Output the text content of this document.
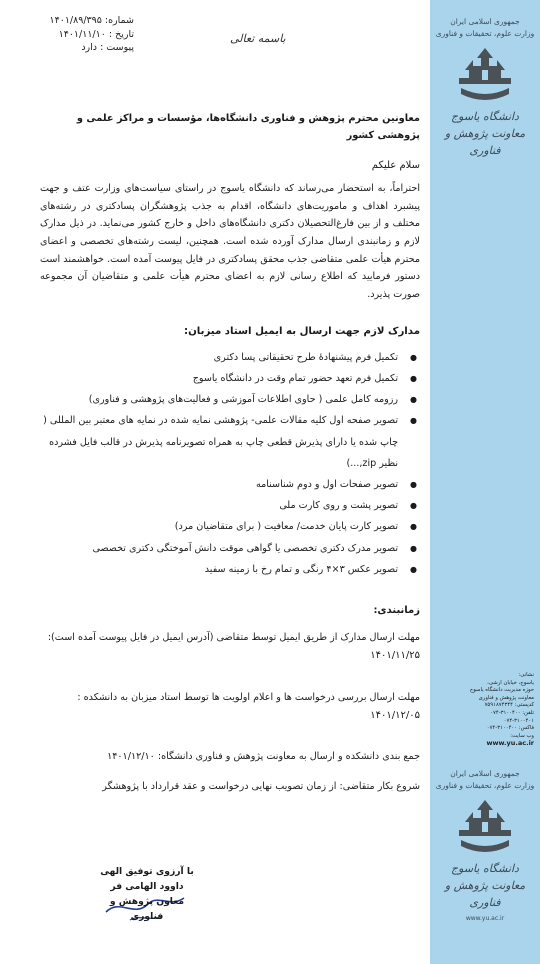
جمهوری اسلامی ایران
وزارت علوم، تحقیقات و فناوری
دانشگاه یاسوج
معاونت پژوهش و
فناوری
نشانی:
یاسوج، خیابان ارشی،
حوزه مدیریت دانشگاه یاسوج
معاونت پژوهش و فناوری
کدپستی: ۷۵۹۱۸۷۴۳۴۴
تلفن: ۳۱۰۰۴۰۰-۰۷۴
۰۷۴-۳۱۰۰۴۰۱
فاکس: ۳۱۰۰۴۰۰-۰۷۴
وب سایت:
www.yu.ac.ir
جمهوری اسلامی ایران
وزارت علوم، تحقیقات و فناوری
دانشگاه یاسوج
معاونت پژوهش و
فناوری
www.yu.ac.ir
شماره: ۱۴۰۱/۸۹/۳۹۵
تاریخ : ۱۴۰۱/۱۱/۱۰
پیوست : دارد
باسمه تعالی

معاونین محترم پژوهش و فناوری دانشگاه‌ها، مؤسسات و مراکز علمی و پژوهشی کشور

سلام علیکم

احتراماً، به استحضار می‌رساند که دانشگاه یاسوج در راستای سیاست‌های وزارت عتف و جهت پیشبرد اهداف و ماموریت‌های دانشگاه، اقدام به جذب پژوهشگران پسادکتری در رشته‌های مختلف و از بین فارغ‌التحصیلان دکتری دانشگاه‌های داخل و خارج کشور می‌نماید. در ذیل مدارک لازم و زمانبندی ارسال مدارک آورده شده است. همچنین، لیست رشته‌های تخصصی و اعضای محترم هیأت علمی متقاضی جذب محقق پسادکتری در فایل پیوست آمده است. خواهشمند است دستور فرمایید که اطلاع رسانی لازم به اعضای محترم هیأت علمی و متقاضیان آن مجموعه صورت پذیرد.

مدارک لازم جهت ارسال به ایمیل استاد میزبان:

● تکمیل فرم پیشنهادهٔ طرح تحقیقاتی پسا دکتری
● تکمیل فرم تعهد حضور تمام وقت در دانشگاه یاسوج
● رزومه کامل علمی ( حاوی اطلاعات آموزشی و فعالیت‌های پژوهشی و فناوری)
● تصویر صفحه اول کلیه مقالات علمی- پژوهشی نمایه شده در نمایه های معتبر بین المللی ( چاپ شده یا دارای پذیرش قطعی چاپ به همراه تصویرنامه پذیرش در قالب فایل فشرده نظیر zip,...)
● تصویر صفحات اول و دوم شناسنامه
● تصویر پشت و روی کارت ملی
● تصویر کارت پایان خدمت/ معافیت ( برای متقاضیان مرد)
● تصویر مدرک دکتری تخصصی یا گواهی موقت دانش آموختگی دکتری تخصصی
● تصویر عکس ۳×۴ رنگی و تمام رخ با زمینه سفید

زمانبندی:

مهلت ارسال مدارک از طریق ایمیل توسط متقاضی (آدرس ایمیل در فایل پیوست آمده است):
۱۴۰۱/۱۱/۲۵
مهلت ارسال بررسی درخواست ها و اعلام اولویت ها توسط استاد میزبان به دانشکده :
۱۴۰۱/۱۲/۰۵
جمع بندی دانشکده و ارسال به معاونت پژوهش و فناوری دانشگاه: ۱۴۰۱/۱۲/۱۰
شروع بکار متقاضی: از زمان تصویب نهایی درخواست و عقد قرارداد با پژوهشگر
با آرزوی توفیق الهی
داوود الهامی فر
معاون پژوهش و فناوری
